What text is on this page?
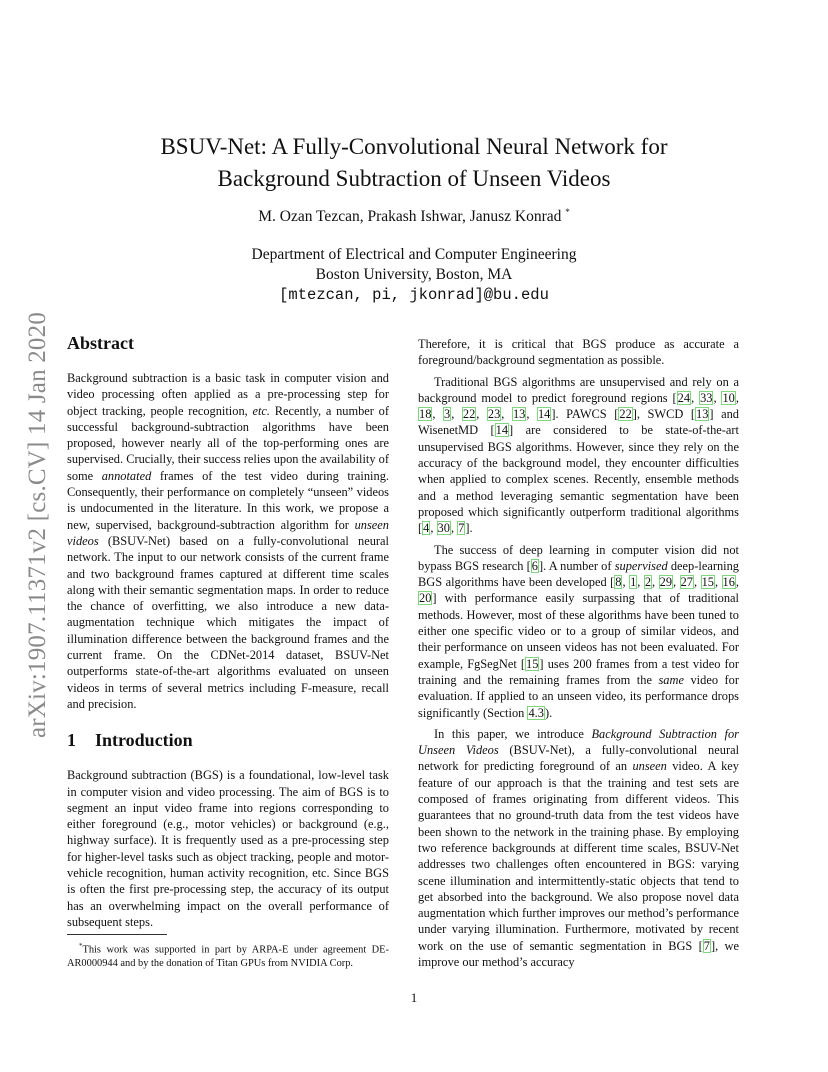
arXiv:1907.11371v2 [cs.CV] 14 Jan 2020
BSUV-Net: A Fully-Convolutional Neural Network for
Background Subtraction of Unseen Videos
M. Ozan Tezcan, Prakash Ishwar, Janusz Konrad *
Department of Electrical and Computer Engineering
Boston University, Boston, MA
[mtezcan, pi, jkonrad]@bu.edu
Abstract

Background subtraction is a basic task in computer vision and video processing often applied as a pre-processing step for object tracking, people recognition, etc. Recently, a number of successful background-subtraction algorithms have been proposed, however nearly all of the top-performing ones are supervised. Crucially, their success relies upon the availability of some annotated frames of the test video during training. Consequently, their performance on completely “unseen” videos is undocumented in the literature. In this work, we propose a new, supervised, background-subtraction algorithm for unseen videos (BSUV-Net) based on a fully-convolutional neural network. The input to our network consists of the current frame and two background frames captured at different time scales along with their semantic segmentation maps. In order to reduce the chance of overfitting, we also introduce a new data-augmentation technique which mitigates the impact of illumination difference between the background frames and the current frame. On the CDNet-2014 dataset, BSUV-Net outperforms state-of-the-art algorithms evaluated on unseen videos in terms of several metrics including F-measure, recall and precision.

1 Introduction

Background subtraction (BGS) is a foundational, low-level task in computer vision and video processing. The aim of BGS is to segment an input video frame into regions corresponding to either foreground (e.g., motor vehicles) or background (e.g., highway surface). It is frequently used as a pre-processing step for higher-level tasks such as object tracking, people and motor-vehicle recognition, human activity recognition, etc. Since BGS is often the first pre-processing step, the accuracy of its output has an overwhelming impact on the overall performance of subsequent steps.

Therefore, it is critical that BGS produce as accurate a foreground/background segmentation as possible.

Traditional BGS algorithms are unsupervised and rely on a background model to predict foreground regions [24, 33, 10, 18, 3, 22, 23, 13, 14]. PAWCS [22], SWCD [13] and WisenetMD [14] are considered to be state-of-the-art unsupervised BGS algorithms. However, since they rely on the accuracy of the background model, they encounter difficulties when applied to complex scenes. Recently, ensemble methods and a method leveraging semantic segmentation have been proposed which significantly outperform traditional algorithms [4, 30, 7].

The success of deep learning in computer vision did not bypass BGS research [6]. A number of supervised deep-learning BGS algorithms have been developed [8, 1, 2, 29, 27, 15, 16, 20] with performance easily surpassing that of traditional methods. However, most of these algorithms have been tuned to either one specific video or to a group of similar videos, and their performance on unseen videos has not been evaluated. For example, FgSegNet [15] uses 200 frames from a test video for training and the remaining frames from the same video for evaluation. If applied to an unseen video, its performance drops significantly (Section 4.3).

In this paper, we introduce Background Subtraction for Unseen Videos (BSUV-Net), a fully-convolutional neural network for predicting foreground of an unseen video. A key feature of our approach is that the training and test sets are composed of frames originating from different videos. This guarantees that no ground-truth data from the test videos have been shown to the network in the training phase. By employing two reference backgrounds at different time scales, BSUV-Net addresses two challenges often encountered in BGS: varying scene illumination and intermittently-static objects that tend to get absorbed into the background. We also propose novel data augmentation which further improves our method’s performance under varying illumination. Furthermore, motivated by recent work on the use of semantic segmentation in BGS [7], we improve our method’s accuracy

*This work was supported in part by ARPA-E under agreement DE-AR0000944 and by the donation of Titan GPUs from NVIDIA Corp.
1
